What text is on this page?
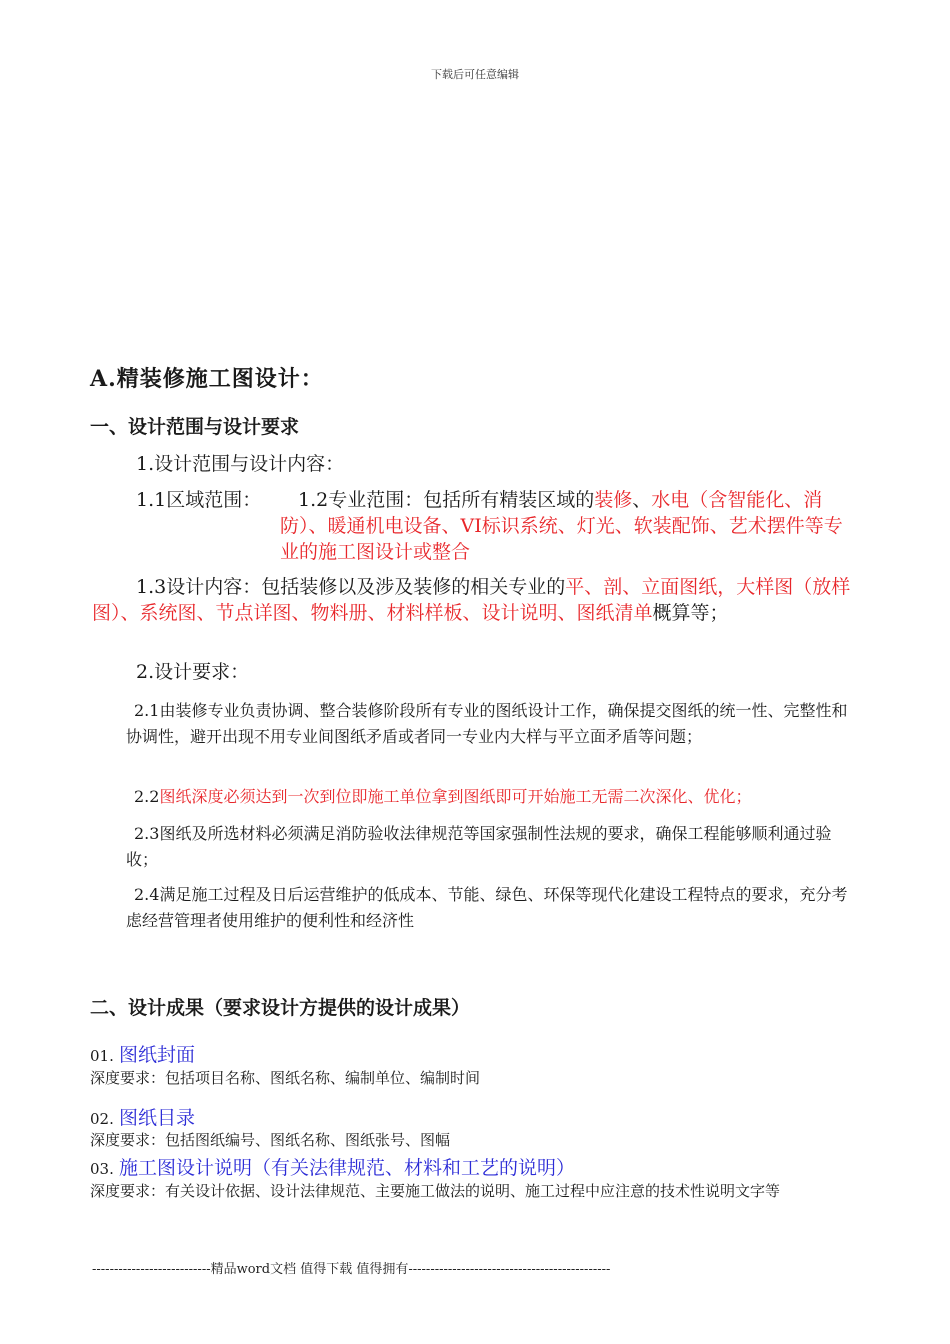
下载后可任意编辑
A.精装修施工图设计：
一、设计范围与设计要求
1.设计范围与设计内容：
1.1区域范围：	1.2专业范围：包括所有精装区域的装修、水电（含智能化、消防）、暖通机电设备、VI标识系统、灯光、软装配饰、艺术摆件等专业的施工图设计或整合
1.3设计内容：包括装修以及涉及装修的相关专业的平、剖、立面图纸，大样图（放样图）、系统图、节点详图、物料册、材料样板、设计说明、图纸清单概算等；
2.设计要求：
2.1由装修专业负责协调、整合装修阶段所有专业的图纸设计工作，确保提交图纸的统一性、完整性和协调性，避开出现不用专业间图纸矛盾或者同一专业内大样与平立面矛盾等问题；
2.2图纸深度必须达到一次到位即施工单位拿到图纸即可开始施工无需二次深化、优化；
2.3图纸及所选材料必须满足消防验收法律规范等国家强制性法规的要求，确保工程能够顺利通过验收；
2.4满足施工过程及日后运营维护的低成本、节能、绿色、环保等现代化建设工程特点的要求，充分考虑经营管理者使用维护的便利性和经济性
二、设计成果（要求设计方提供的设计成果）
01. 图纸封面
深度要求：包括项目名称、图纸名称、编制单位、编制时间
02. 图纸目录
深度要求：包括图纸编号、图纸名称、图纸张号、图幅
03. 施工图设计说明（有关法律规范、材料和工艺的说明）
深度要求：有关设计依据、设计法律规范、主要施工做法的说明、施工过程中应注意的技术性说明文字等
---------------------------精品word文档 值得下载 值得拥有----------------------------------------------
